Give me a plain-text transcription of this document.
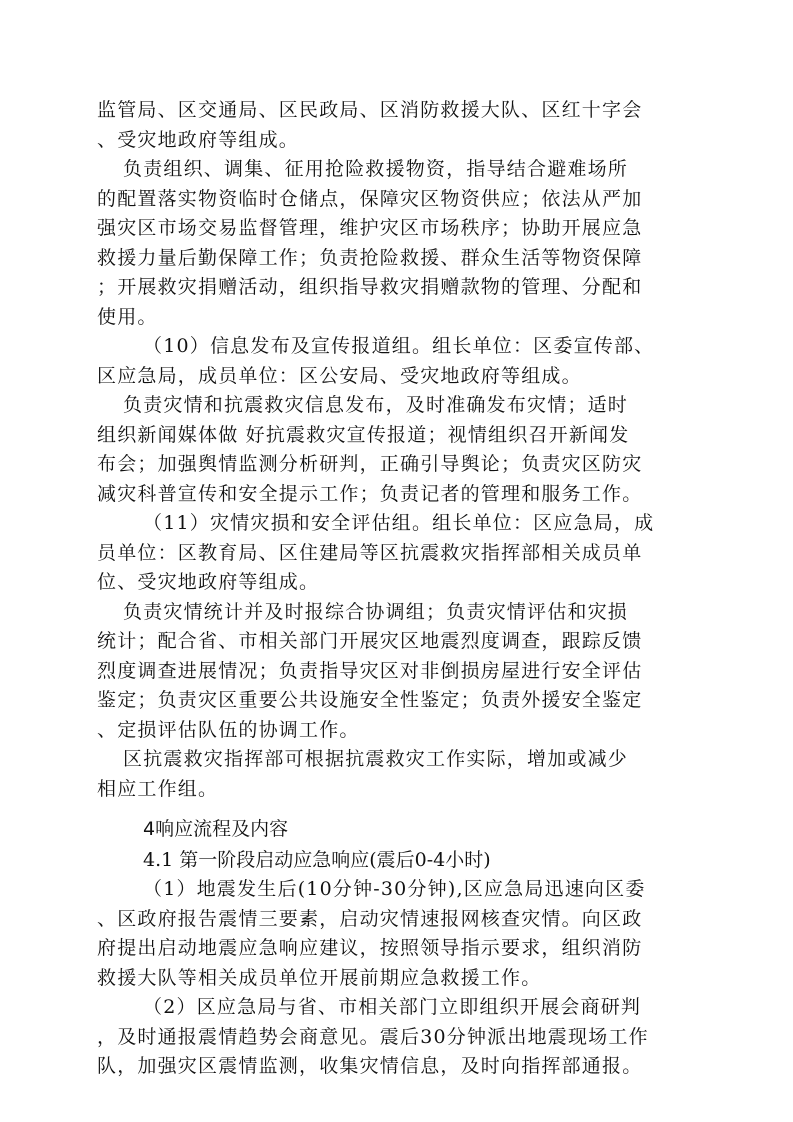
监管局、区交通局、区民政局、区消防救援大队、区红十字会
、受灾地政府等组成。
负责组织、调集、征用抢险救援物资，指导结合避难场所
的配置落实物资临时仓储点，保障灾区物资供应；依法从严加
强灾区市场交易监督管理，维护灾区市场秩序；协助开展应急
救援力量后勤保障工作；负责抢险救援、群众生活等物资保障
；开展救灾捐赠活动，组织指导救灾捐赠款物的管理、分配和
使用。
（10）信息发布及宣传报道组。组长单位：区委宣传部、
区应急局，成员单位：区公安局、受灾地政府等组成。
负责灾情和抗震救灾信息发布，及时准确发布灾情；适时
组织新闻媒体做 好抗震救灾宣传报道；视情组织召开新闻发
布会；加强舆情监测分析研判，正确引导舆论；负责灾区防灾
减灾科普宣传和安全提示工作；负责记者的管理和服务工作。
（11）灾情灾损和安全评估组。组长单位：区应急局，成
员单位：区教育局、区住建局等区抗震救灾指挥部相关成员单
位、受灾地政府等组成。
负责灾情统计并及时报综合协调组；负责灾情评估和灾损
统计；配合省、市相关部门开展灾区地震烈度调查，跟踪反馈
烈度调查进展情况；负责指导灾区对非倒损房屋进行安全评估
鉴定；负责灾区重要公共设施安全性鉴定；负责外援安全鉴定
、定损评估队伍的协调工作。
区抗震救灾指挥部可根据抗震救灾工作实际，增加或减少
相应工作组。
4响应流程及内容
4.1 第一阶段启动应急响应(震后0-4小时)
（1）地震发生后(10分钟-30分钟),区应急局迅速向区委
、区政府报告震情三要素，启动灾情速报网核查灾情。向区政
府提出启动地震应急响应建议，按照领导指示要求，组织消防
救援大队等相关成员单位开展前期应急救援工作。
（2）区应急局与省、市相关部门立即组织开展会商研判
，及时通报震情趋势会商意见。震后30分钟派出地震现场工作
队，加强灾区震情监测，收集灾情信息，及时向指挥部通报。
